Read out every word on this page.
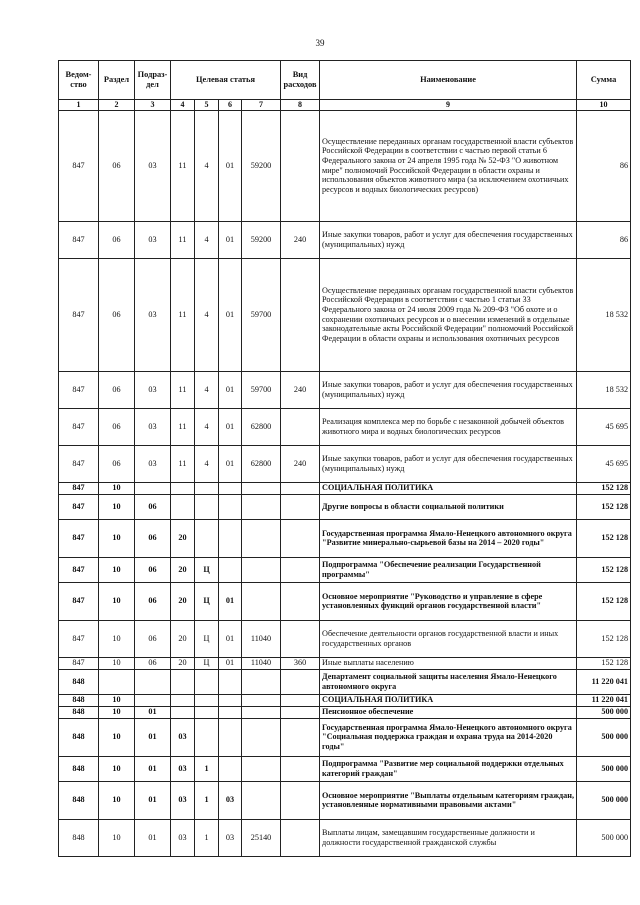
39
Ведом-ство	Раздел	Подраз-дел	Целевая статья				Вид расходов	Наименование	Сумма
1	2	3	4	5	6	7	8	9	10
847	06	03	11	4	01	59200		Осуществление переданных органам государственной власти субъектов Российской Федерации в соответствии с частью первой статьи 6 Федерального закона от 24 апреля 1995 года № 52-ФЗ "О животном мире" полномочий Российской Федерации в области охраны и использования объектов животного мира (за исключением охотничьих ресурсов и водных биологических ресурсов)	86
847	06	03	11	4	01	59200	240	Иные закупки товаров, работ и услуг для обеспечения государственных (муниципальных) нужд	86
847	06	03	11	4	01	59700		Осуществление переданных органам государственной власти субъектов Российской Федерации в соответствии с частью 1 статьи 33 Федерального закона от 24 июля 2009 года № 209-ФЗ "Об охоте и о сохранении охотничьих ресурсов и о внесении изменений в отдельные законодательные акты Российской Федерации" полномочий Российской Федерации в области охраны и использования охотничьих ресурсов	18 532
847	06	03	11	4	01	59700	240	Иные закупки товаров, работ и услуг для обеспечения государственных (муниципальных) нужд	18 532
847	06	03	11	4	01	62800		Реализация комплекса мер по борьбе с незаконной добычей объектов животного мира и водных биологических ресурсов	45 695
847	06	03	11	4	01	62800	240	Иные закупки товаров, работ и услуг для обеспечения государственных (муниципальных) нужд	45 695
847	10							СОЦИАЛЬНАЯ ПОЛИТИКА	152 128
847	10	06						Другие вопросы в области социальной политики	152 128
847	10	06	20					Государственная программа Ямало-Ненецкого автономного округа "Развитие минерально-сырьевой базы на 2014 – 2020 годы"	152 128
847	10	06	20	Ц				Подпрограмма "Обеспечение реализации Государственной программы"	152 128
847	10	06	20	Ц	01			Основное мероприятие "Руководство и управление в сфере установленных функций органов государственной власти"	152 128
847	10	06	20	Ц	01	11040		Обеспечение деятельности органов государственной власти и иных государственных органов	152 128
847	10	06	20	Ц	01	11040	360	Иные выплаты населению	152 128
848								Департамент социальной защиты населения Ямало-Ненецкого автономного округа	11 220 041
848	10							СОЦИАЛЬНАЯ ПОЛИТИКА	11 220 041
848	10	01						Пенсионное обеспечение	500 000
848	10	01	03					Государственная программа Ямало-Ненецкого автономного округа "Социальная поддержка граждан и охрана труда на 2014-2020 годы"	500 000
848	10	01	03	1				Подпрограмма "Развитие мер социальной поддержки отдельных категорий граждан"	500 000
848	10	01	03	1	03			Основное мероприятие "Выплаты отдельным категориям граждан, установленные нормативными правовыми актами"	500 000
848	10	01	03	1	03	25140		Выплаты лицам, замещавшим государственные должности и должности государственной гражданской службы	500 000
